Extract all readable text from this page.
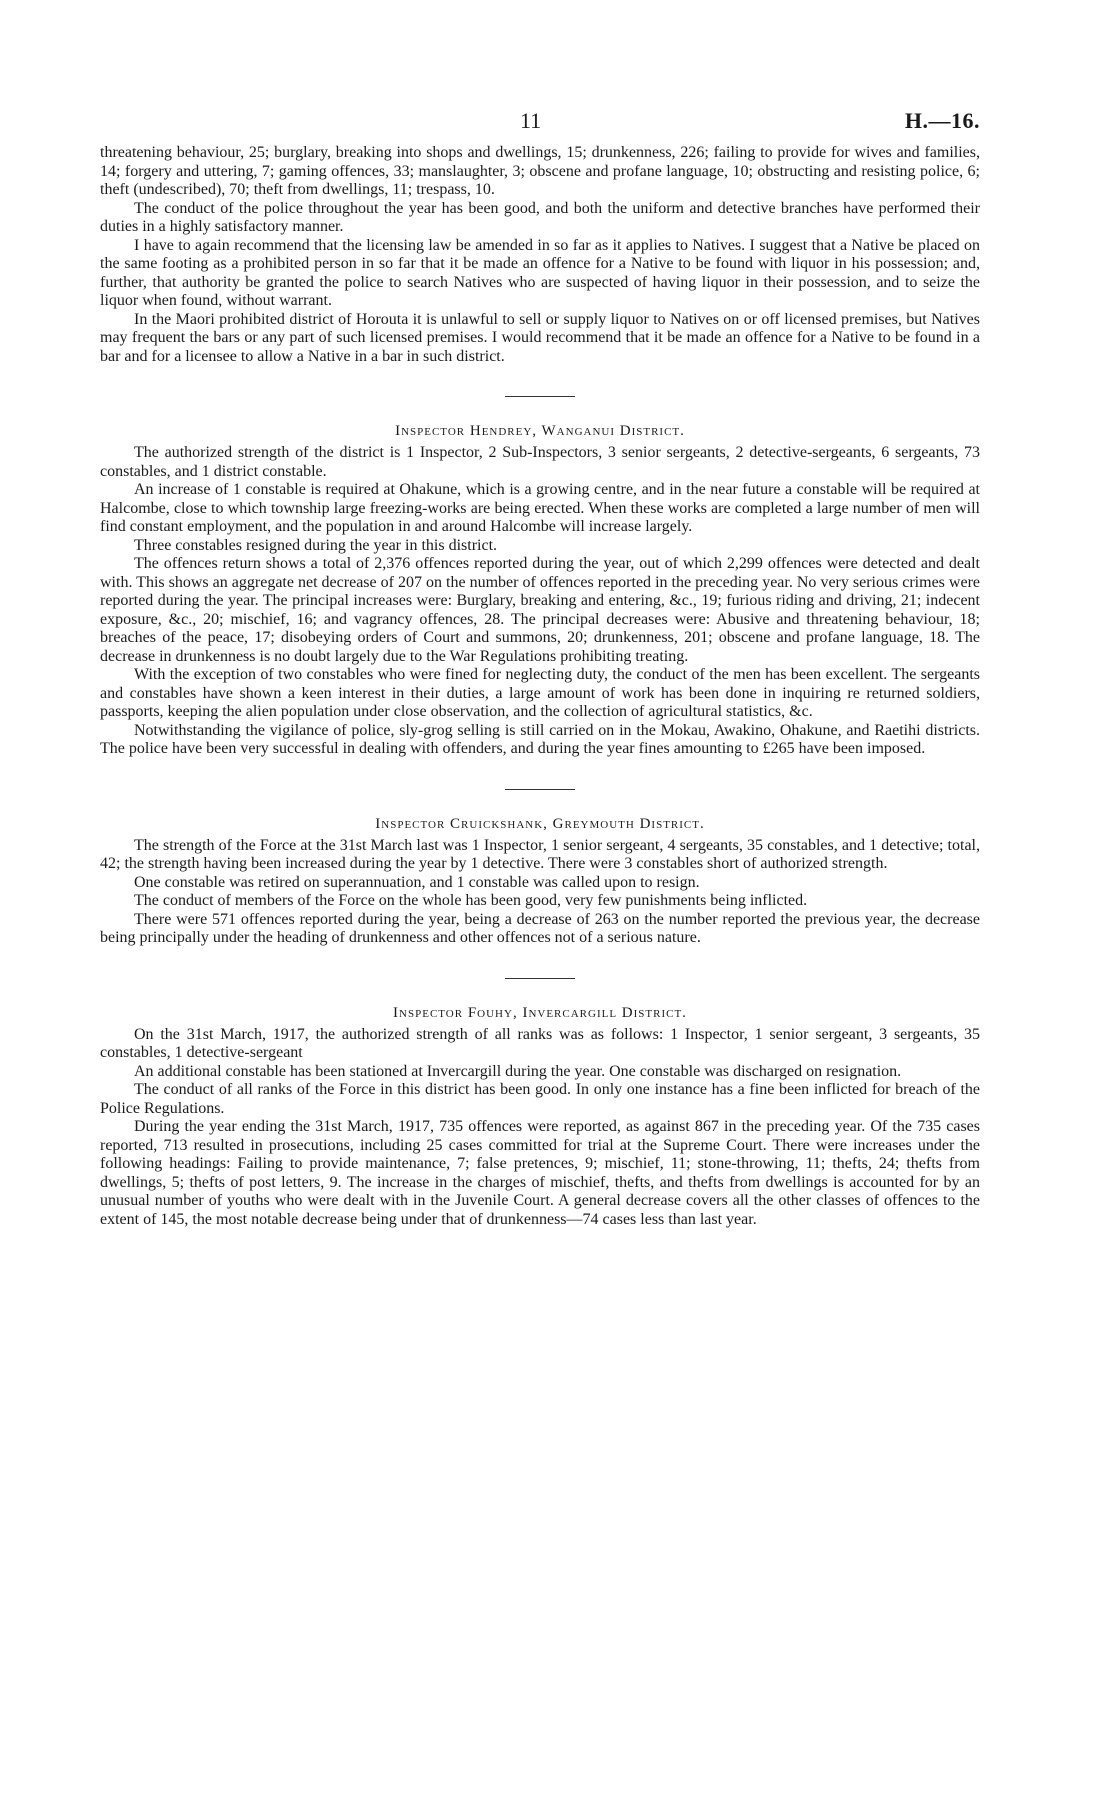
11	H.—16.

threatening behaviour, 25; burglary, breaking into shops and dwellings, 15; drunkenness, 226; failing to provide for wives and families, 14; forgery and uttering, 7; gaming offences, 33; manslaughter, 3; obscene and profane language, 10; obstructing and resisting police, 6; theft (undescribed), 70; theft from dwellings, 11; trespass, 10.

The conduct of the police throughout the year has been good, and both the uniform and detective branches have performed their duties in a highly satisfactory manner.

I have to again recommend that the licensing law be amended in so far as it applies to Natives. I suggest that a Native be placed on the same footing as a prohibited person in so far that it be made an offence for a Native to be found with liquor in his possession; and, further, that authority be granted the police to search Natives who are suspected of having liquor in their possession, and to seize the liquor when found, without warrant.

In the Maori prohibited district of Horouta it is unlawful to sell or supply liquor to Natives on or off licensed premises, but Natives may frequent the bars or any part of such licensed premises. I would recommend that it be made an offence for a Native to be found in a bar and for a licensee to allow a Native in a bar in such district.

Inspector Hendrey, Wanganui District.

The authorized strength of the district is 1 Inspector, 2 Sub-Inspectors, 3 senior sergeants, 2 detective-sergeants, 6 sergeants, 73 constables, and 1 district constable.

An increase of 1 constable is required at Ohakune, which is a growing centre, and in the near future a constable will be required at Halcombe, close to which township large freezing-works are being erected. When these works are completed a large number of men will find constant employment, and the population in and around Halcombe will increase largely.

Three constables resigned during the year in this district.

The offences return shows a total of 2,376 offences reported during the year, out of which 2,299 offences were detected and dealt with. This shows an aggregate net decrease of 207 on the number of offences reported in the preceding year. No very serious crimes were reported during the year. The principal increases were: Burglary, breaking and entering, &c., 19; furious riding and driving, 21; indecent exposure, &c., 20; mischief, 16; and vagrancy offences, 28. The principal decreases were: Abusive and threatening behaviour, 18; breaches of the peace, 17; disobeying orders of Court and summons, 20; drunkenness, 201; obscene and profane language, 18. The decrease in drunkenness is no doubt largely due to the War Regulations prohibiting treating.

With the exception of two constables who were fined for neglecting duty, the conduct of the men has been excellent. The sergeants and constables have shown a keen interest in their duties, a large amount of work has been done in inquiring re returned soldiers, passports, keeping the alien population under close observation, and the collection of agricultural statistics, &c.

Notwithstanding the vigilance of police, sly-grog selling is still carried on in the Mokau, Awakino, Ohakune, and Raetihi districts. The police have been very successful in dealing with offenders, and during the year fines amounting to £265 have been imposed.

Inspector Cruickshank, Greymouth District.

The strength of the Force at the 31st March last was 1 Inspector, 1 senior sergeant, 4 sergeants, 35 constables, and 1 detective; total, 42; the strength having been increased during the year by 1 detective. There were 3 constables short of authorized strength.

One constable was retired on superannuation, and 1 constable was called upon to resign.

The conduct of members of the Force on the whole has been good, very few punishments being inflicted.

There were 571 offences reported during the year, being a decrease of 263 on the number reported the previous year, the decrease being principally under the heading of drunkenness and other offences not of a serious nature.

Inspector Fouhy, Invercargill District.

On the 31st March, 1917, the authorized strength of all ranks was as follows: 1 Inspector, 1 senior sergeant, 3 sergeants, 35 constables, 1 detective-sergeant

An additional constable has been stationed at Invercargill during the year. One constable was discharged on resignation.

The conduct of all ranks of the Force in this district has been good. In only one instance has a fine been inflicted for breach of the Police Regulations.

During the year ending the 31st March, 1917, 735 offences were reported, as against 867 in the preceding year. Of the 735 cases reported, 713 resulted in prosecutions, including 25 cases committed for trial at the Supreme Court. There were increases under the following headings: Failing to provide maintenance, 7; false pretences, 9; mischief, 11; stone-throwing, 11; thefts, 24; thefts from dwellings, 5; thefts of post letters, 9. The increase in the charges of mischief, thefts, and thefts from dwellings is accounted for by an unusual number of youths who were dealt with in the Juvenile Court. A general decrease covers all the other classes of offences to the extent of 145, the most notable decrease being under that of drunkenness—74 cases less than last year.
